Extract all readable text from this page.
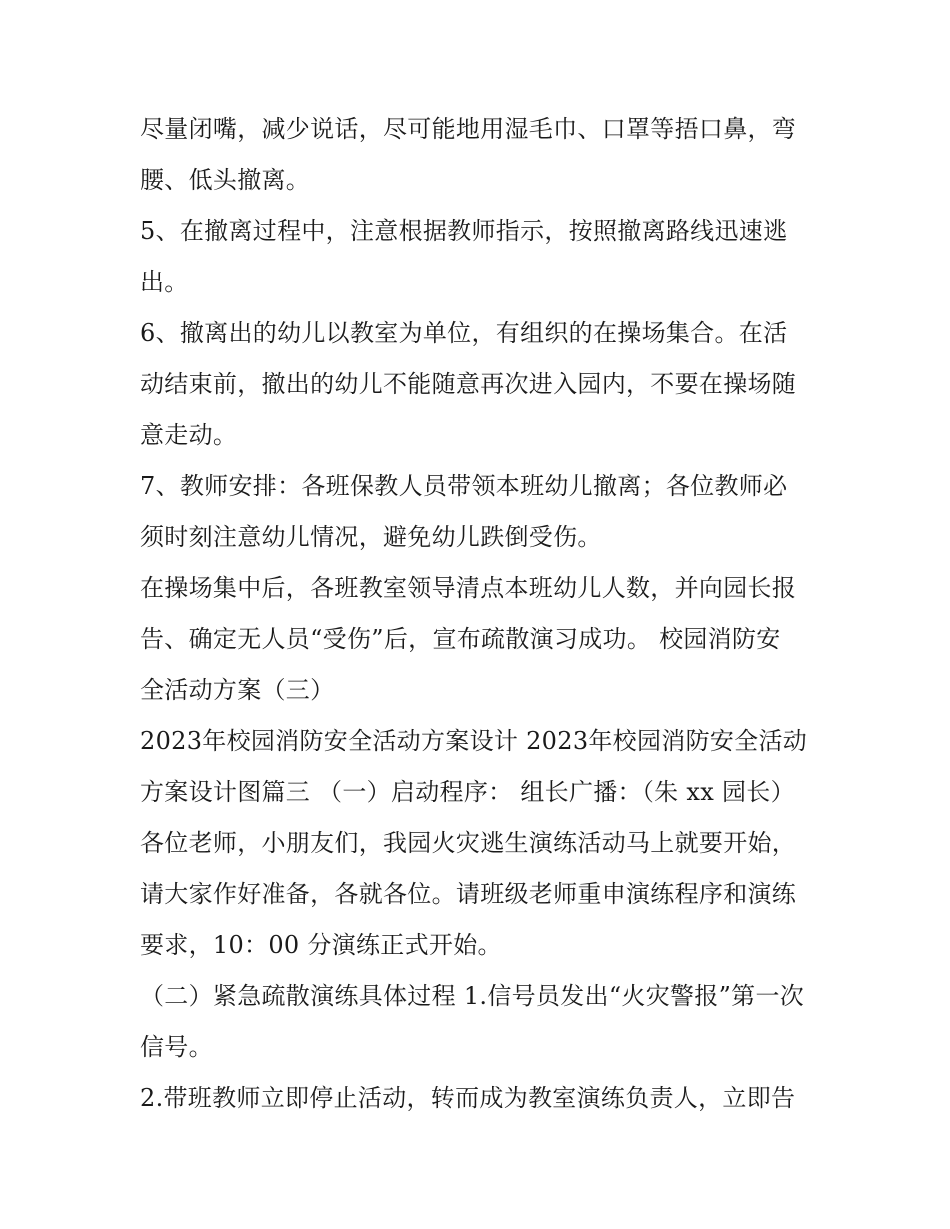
尽量闭嘴，减少说话，尽可能地用湿毛巾、口罩等捂口鼻，弯
腰、低头撤离。
5、在撤离过程中，注意根据教师指示，按照撤离路线迅速逃
出。
6、撤离出的幼儿以教室为单位，有组织的在操场集合。在活
动结束前，撤出的幼儿不能随意再次进入园内，不要在操场随
意走动。
7、教师安排：各班保教人员带领本班幼儿撤离；各位教师必
须时刻注意幼儿情况，避免幼儿跌倒受伤。
在操场集中后，各班教室领导清点本班幼儿人数，并向园长报
告、确定无人员“受伤”后，宣布疏散演习成功。 校园消防安
全活动方案（三）
2023年校园消防安全活动方案设计 2023年校园消防安全活动
方案设计图篇三 （一）启动程序： 组长广播：（朱 xx 园长）
各位老师，小朋友们，我园火灾逃生演练活动马上就要开始，
请大家作好准备，各就各位。请班级老师重申演练程序和演练
要求，10：00 分演练正式开始。
（二）紧急疏散演练具体过程 1.信号员发出“火灾警报”第一次
信号。
2.带班教师立即停止活动，转而成为教室演练负责人，立即告
